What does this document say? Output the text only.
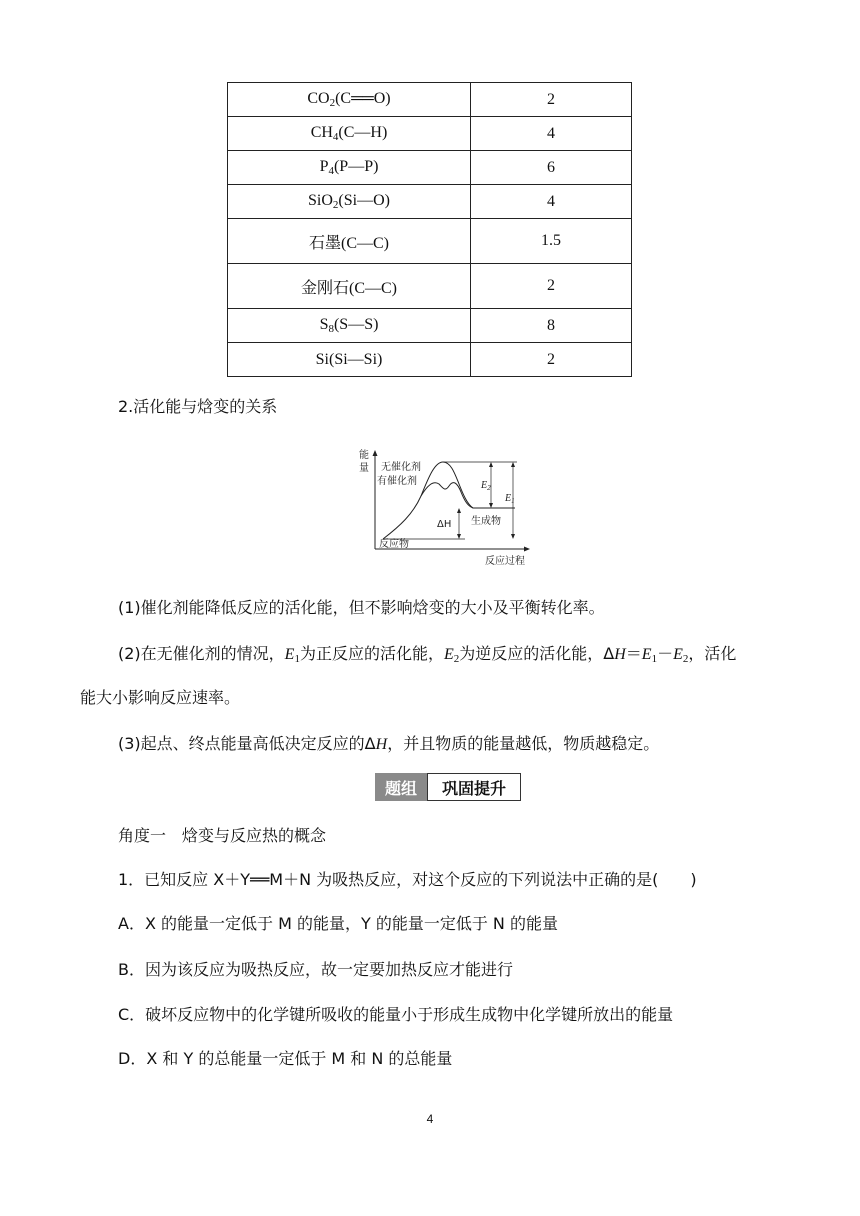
$CO_2(C══O)$	2
$CH_4(C—H)$	4
$P_4(P—P)$	6
SiO$_2$(Si—O)	4
石墨(C—C)	1.5
金刚石(C—C)	2
$S_8(S—S)$	8
Si(Si—Si)	2
2.活化能与焓变的关系
能
量
$E_2$
$E_1$
ΔH
无催化剂
有催化剂
生成物
反应物
反应过程
(1)催化剂能降低反应的活化能，但不影响焓变的大小及平衡转化率。
(2)在无催化剂的情况，E1为正反应的活化能，E2为逆反应的活化能，ΔH＝E1－E2，活化
能大小影响反应速率。
(3)起点、终点能量高低决定反应的ΔH，并且物质的能量越低，物质越稳定。
题组	巩固提升
角度一　焓变与反应热的概念
1．已知反应 X＋Y══M＋N 为吸热反应，对这个反应的下列说法中正确的是(　　)
A．X 的能量一定低于 M 的能量，Y 的能量一定低于 N 的能量
B．因为该反应为吸热反应，故一定要加热反应才能进行
C．破坏反应物中的化学键所吸收的能量小于形成生成物中化学键所放出的能量
D．X 和 Y 的总能量一定低于 M 和 N 的总能量
4
